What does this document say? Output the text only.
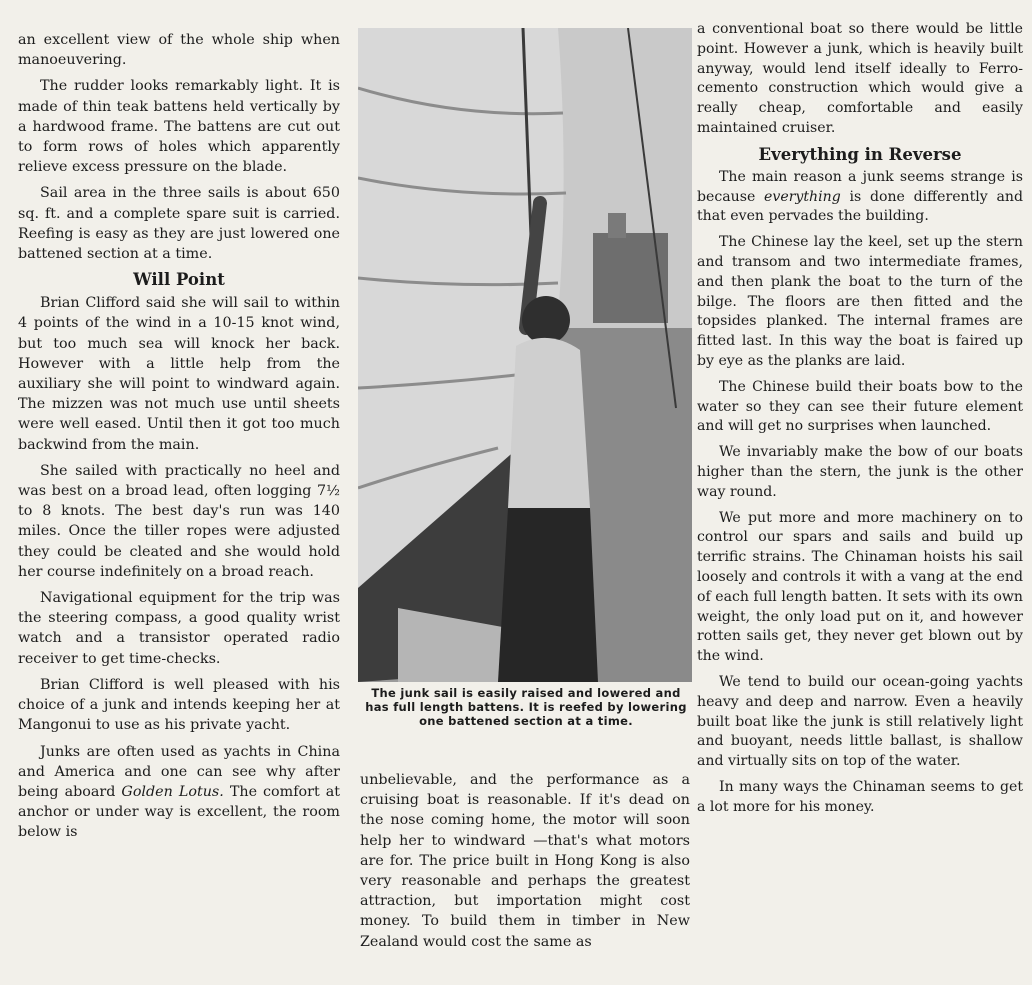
an excellent view of the whole ship when manoeuvering.

The rudder looks remarkably light. It is made of thin teak battens held vertically by a hardwood frame. The battens are cut out to form rows of holes which apparently relieve excess pressure on the blade.

Sail area in the three sails is about 650 sq. ft. and a complete spare suit is carried. Reefing is easy as they are just lowered one battened section at a time.

Will Point

Brian Clifford said she will sail to within 4 points of the wind in a 10-15 knot wind, but too much sea will knock her back. However with a little help from the auxiliary she will point to windward again. The mizzen was not much use until sheets were well eased. Until then it got too much backwind from the main.

She sailed with practically no heel and was best on a broad lead, often logging 7½ to 8 knots. The best day's run was 140 miles. Once the tiller ropes were adjusted they could be cleated and she would hold her course indefinitely on a broad reach.

Navigational equipment for the trip was the steering compass, a good quality wrist watch and a transistor operated radio receiver to get time-checks.

Brian Clifford is well pleased with his choice of a junk and intends keeping her at Mangonui to use as his private yacht.

Junks are often used as yachts in China and America and one can see why after being aboard Golden Lotus. The comfort at anchor or under way is excellent, the room below is

The junk sail is easily raised and lowered and has full length battens. It is reefed by lowering one battened section at a time.

unbelievable, and the performance as a cruising boat is reasonable. If it's dead on the nose coming home, the motor will soon help her to windward —that's what motors are for. The price built in Hong Kong is also very reasonable and perhaps the greatest attraction, but importation might cost money. To build them in timber in New Zealand would cost the same as

a conventional boat so there would be little point. However a junk, which is heavily built anyway, would lend itself ideally to Ferro-cemento construction which would give a really cheap, comfortable and easily maintained cruiser.

Everything in Reverse

The main reason a junk seems strange is because everything is done differently and that even pervades the building.

The Chinese lay the keel, set up the stern and transom and two intermediate frames, and then plank the boat to the turn of the bilge. The floors are then fitted and the topsides planked. The internal frames are fitted last. In this way the boat is faired up by eye as the planks are laid.

The Chinese build their boats bow to the water so they can see their future element and will get no surprises when launched.

We invariably make the bow of our boats higher than the stern, the junk is the other way round.

We put more and more machinery on to control our spars and sails and build up terrific strains. The Chinaman hoists his sail loosely and controls it with a vang at the end of each full length batten. It sets with its own weight, the only load put on it, and however rotten sails get, they never get blown out by the wind.

We tend to build our ocean-going yachts heavy and deep and narrow. Even a heavily built boat like the junk is still relatively light and buoyant, needs little ballast, is shallow and virtually sits on top of the water.

In many ways the Chinaman seems to get a lot more for his money.
